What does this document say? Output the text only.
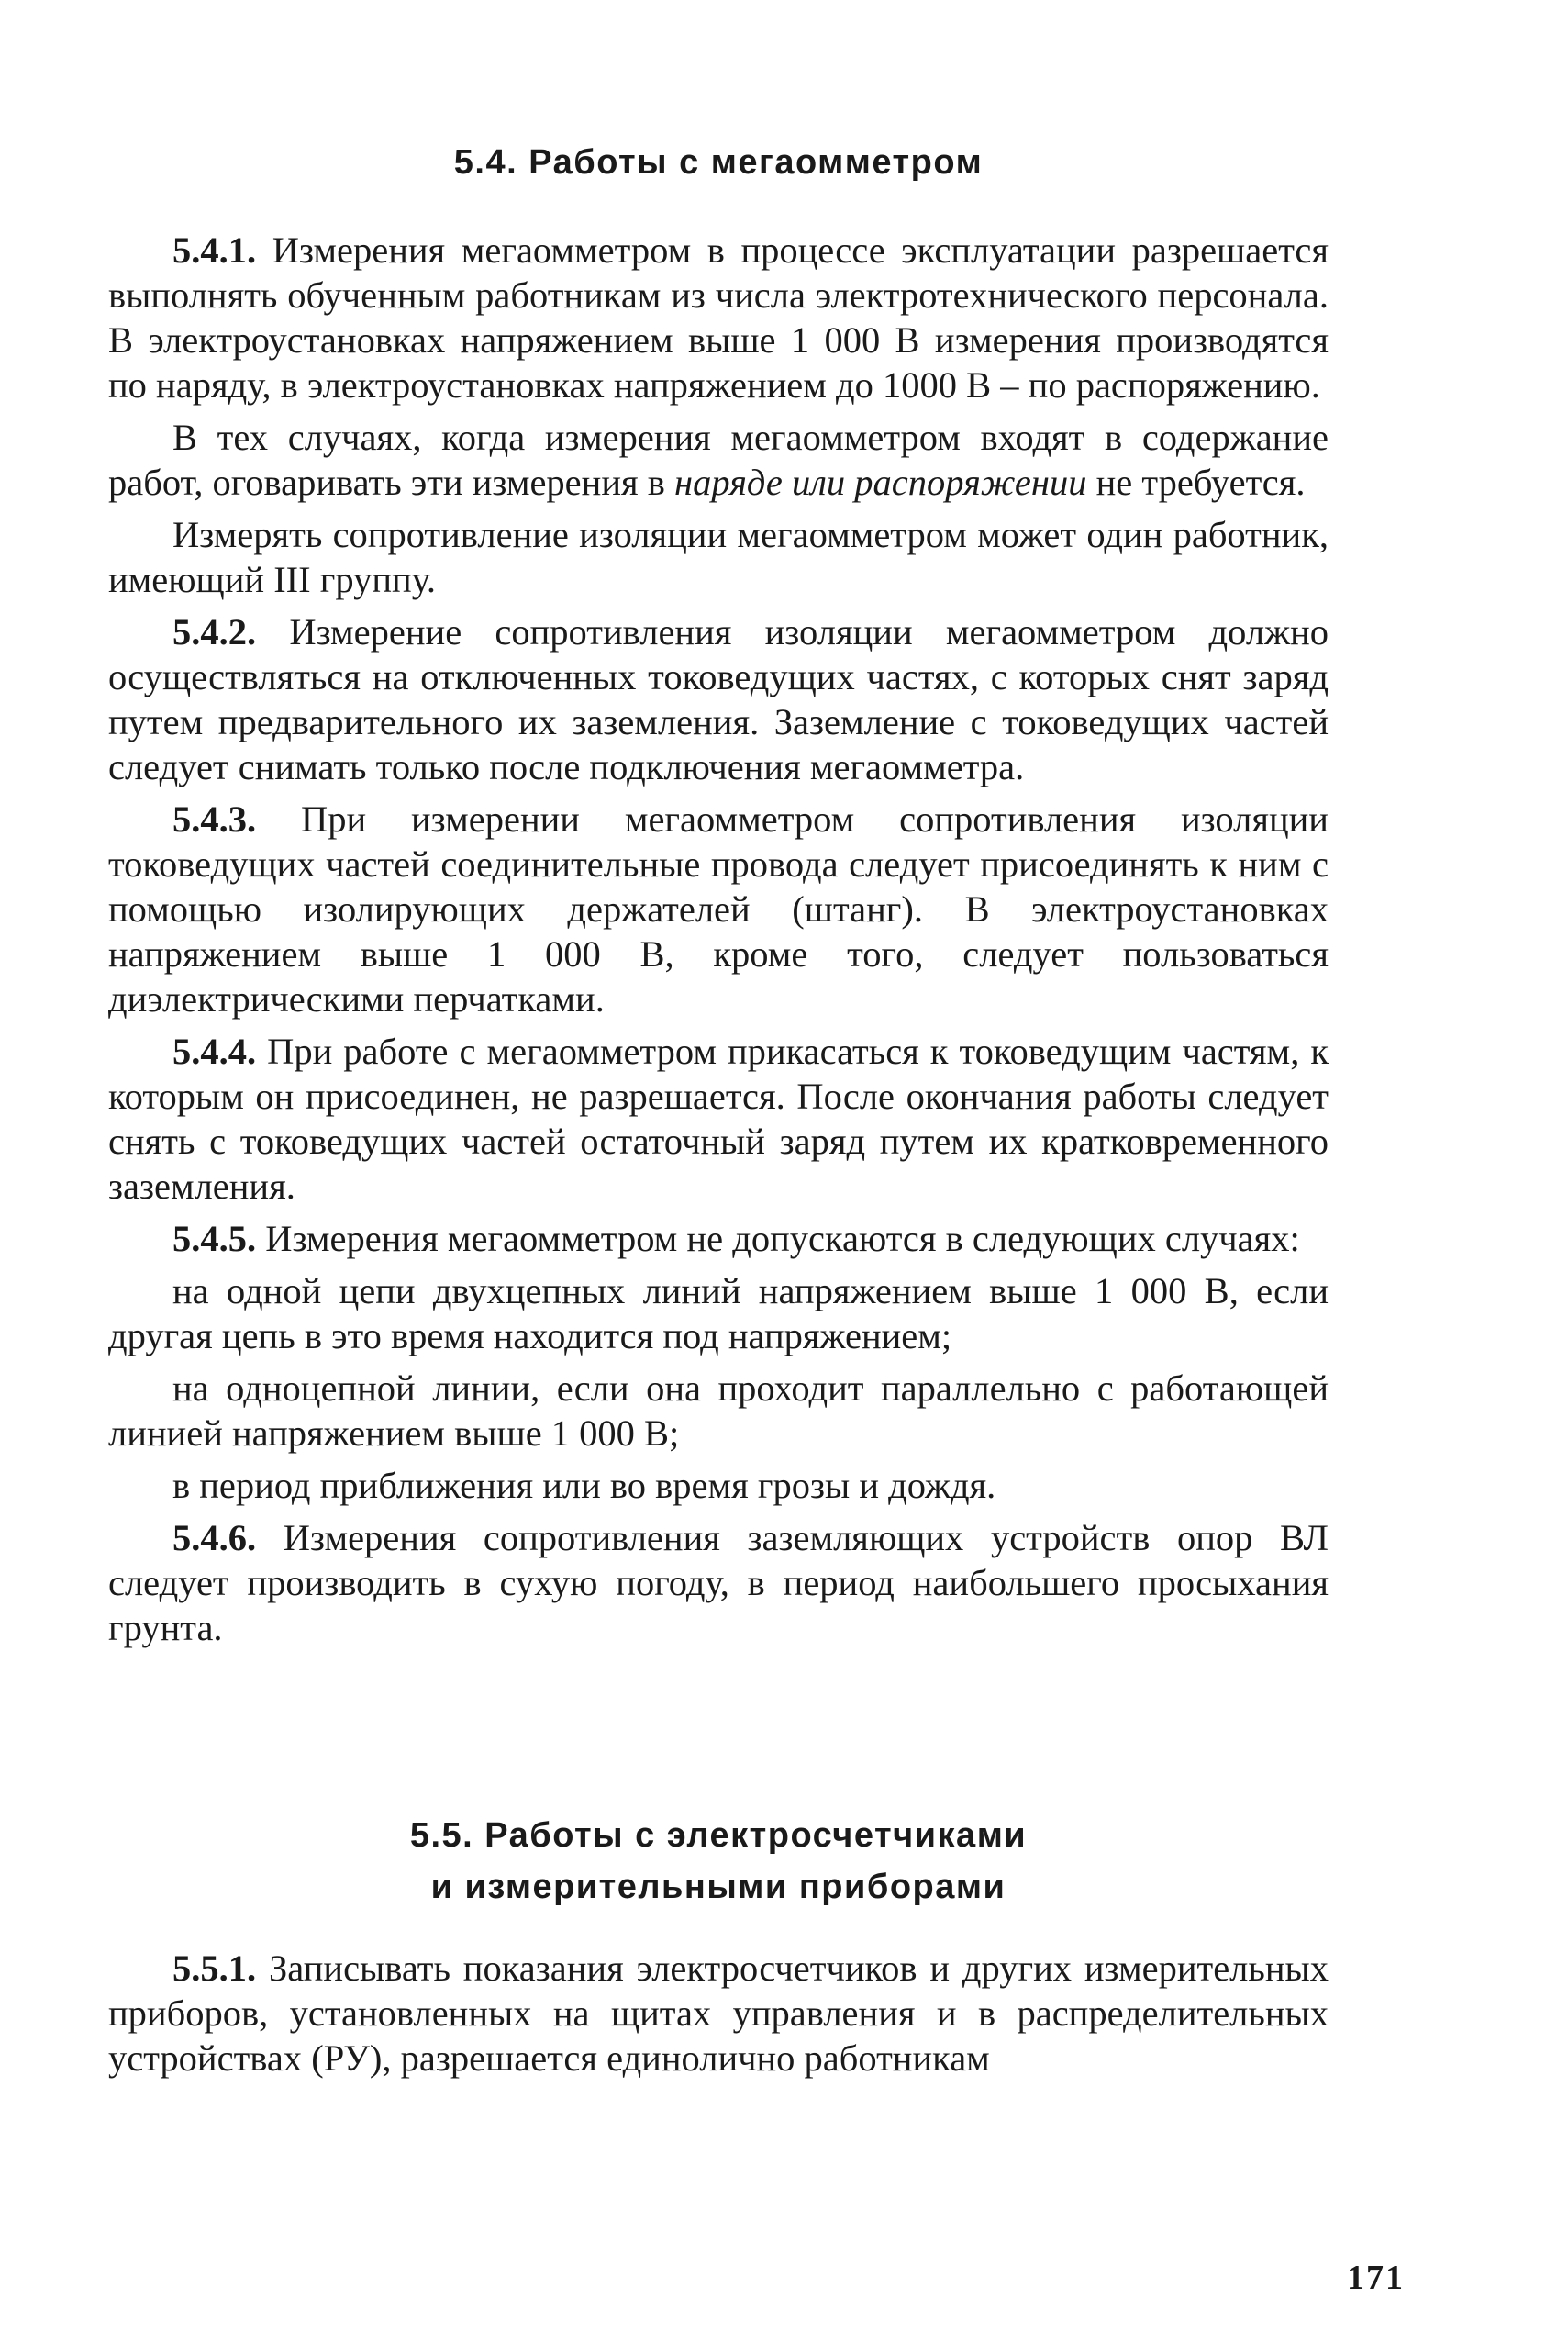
5.4. Работы с мегаомметром

5.4.1. Измерения мегаомметром в процессе эксплуатации разрешается выполнять обученным работникам из числа электротехнического персонала. В электроустановках напряжением выше 1 000 В измерения производятся по наряду, в электроустановках напряжением до 1000 В – по распоряжению.

В тех случаях, когда измерения мегаомметром входят в содержание работ, оговаривать эти измерения в наряде или распоряжении не требуется.

Измерять сопротивление изоляции мегаомметром может один работник, имеющий III группу.

5.4.2. Измерение сопротивления изоляции мегаомметром должно осуществляться на отключенных токоведущих частях, с которых снят заряд путем предварительного их заземления. Заземление с токоведущих частей следует снимать только после подключения мегаомметра.

5.4.3. При измерении мегаомметром сопротивления изоляции токоведущих частей соединительные провода следует присоединять к ним с помощью изолирующих держателей (штанг). В электроустановках напряжением выше 1 000 В, кроме того, следует пользоваться диэлектрическими перчатками.

5.4.4. При работе с мегаомметром прикасаться к токоведущим частям, к которым он присоединен, не разрешается. После окончания работы следует снять с токоведущих частей остаточный заряд путем их кратковременного заземления.

5.4.5. Измерения мегаомметром не допускаются в следующих случаях:

на одной цепи двухцепных линий напряжением выше 1 000 В, если другая цепь в это время находится под напряжением;

на одноцепной линии, если она проходит параллельно с работающей линией напряжением выше 1 000 В;

в период приближения или во время грозы и дождя.

5.4.6. Измерения сопротивления заземляющих устройств опор ВЛ следует производить в сухую погоду, в период наибольшего просыхания грунта.

5.5. Работы с электросчетчиками
и измерительными приборами

5.5.1. Записывать показания электросчетчиков и других измерительных приборов, установленных на щитах управления и в распределительных устройствах (РУ), разрешается единолично работникам

171
